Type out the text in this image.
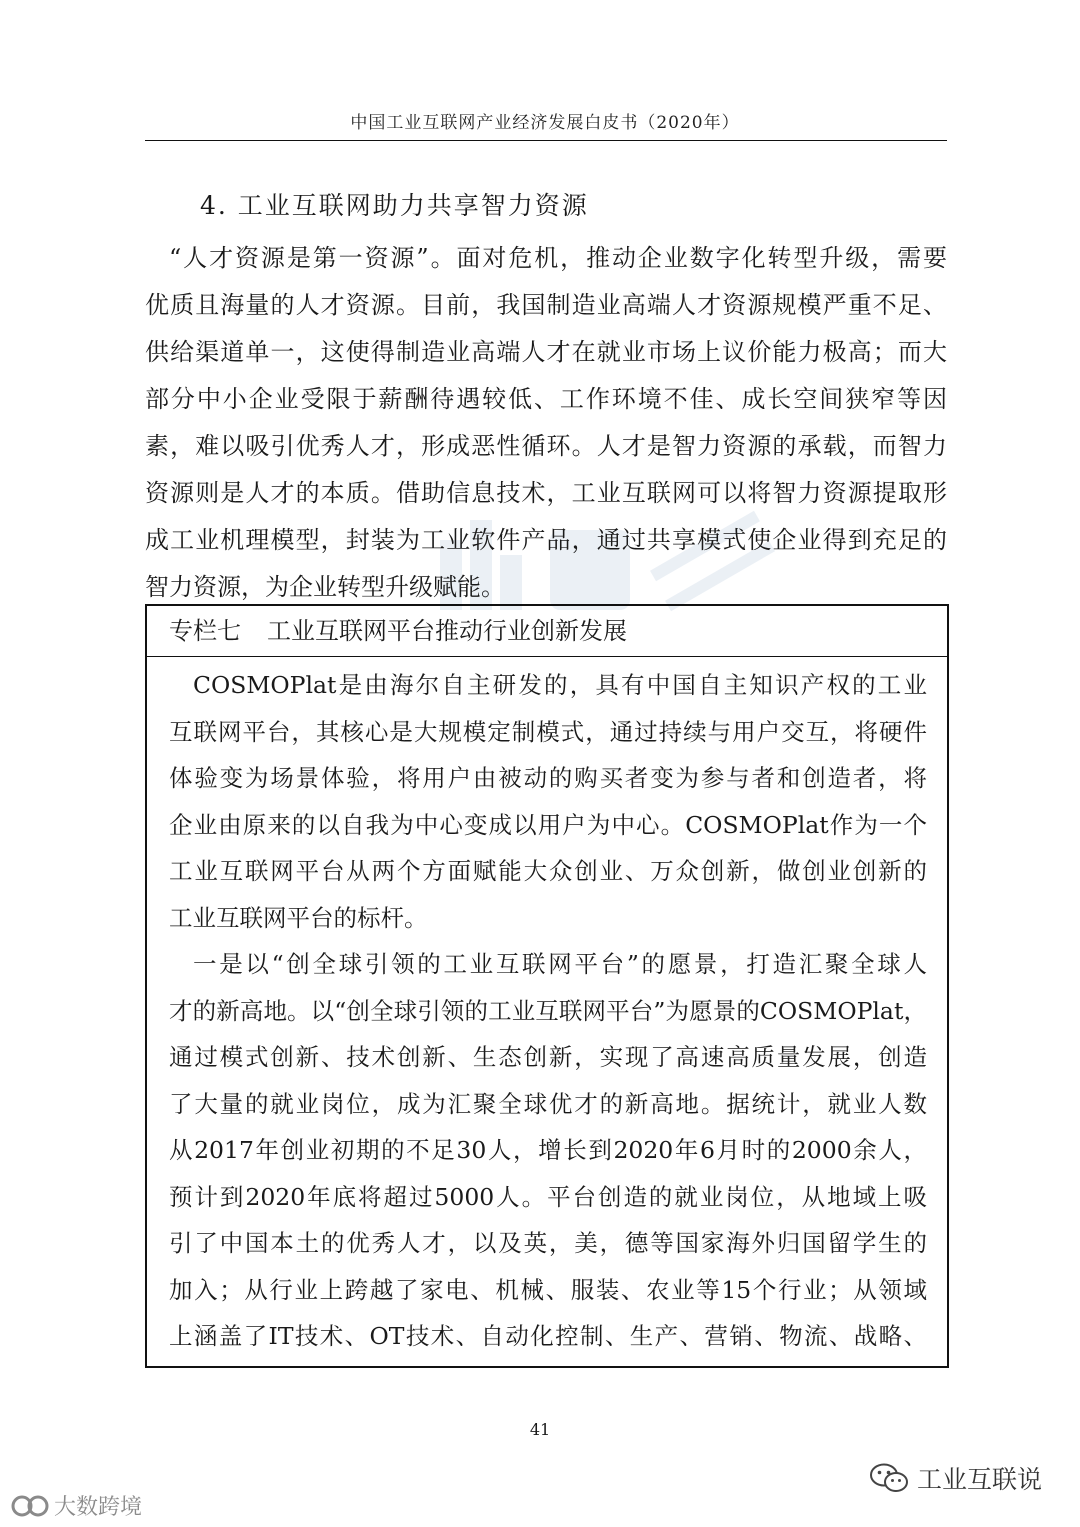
中国工业互联网产业经济发展白皮书（2020年）
4. 工业互联网助力共享智力资源
“人才资源是第一资源”。面对危机，推动企业数字化转型升级，需要
优质且海量的人才资源。目前，我国制造业高端人才资源规模严重不足、
供给渠道单一，这使得制造业高端人才在就业市场上议价能力极高；而大
部分中小企业受限于薪酬待遇较低、工作环境不佳、成长空间狭窄等因
素，难以吸引优秀人才，形成恶性循环。人才是智力资源的承载，而智力
资源则是人才的本质。借助信息技术，工业互联网可以将智力资源提取形
成工业机理模型，封装为工业软件产品，通过共享模式使企业得到充足的
智力资源，为企业转型升级赋能。
专栏七 工业互联网平台推动行业创新发展
COSMOPlat是由海尔自主研发的，具有中国自主知识产权的工业
互联网平台，其核心是大规模定制模式，通过持续与用户交互，将硬件
体验变为场景体验，将用户由被动的购买者变为参与者和创造者，将
企业由原来的以自我为中心变成以用户为中心。COSMOPlat作为一个
工业互联网平台从两个方面赋能大众创业、万众创新，做创业创新的
工业互联网平台的标杆。
一是以“创全球引领的工业互联网平台”的愿景，打造汇聚全球人
才的新高地。以“创全球引领的工业互联网平台”为愿景的COSMOPlat，
通过模式创新、技术创新、生态创新，实现了高速高质量发展，创造
了大量的就业岗位，成为汇聚全球优才的新高地。据统计，就业人数
从2017年创业初期的不足30人，增长到2020年6月时的2000余人，
预计到2020年底将超过5000人。平台创造的就业岗位，从地域上吸
引了中国本土的优秀人才，以及英，美，德等国家海外归国留学生的
加入；从行业上跨越了家电、机械、服装、农业等15个行业；从领域
上涵盖了IT技术、OT技术、自动化控制、生产、营销、物流、战略、
41
大数跨境
工业互联说
